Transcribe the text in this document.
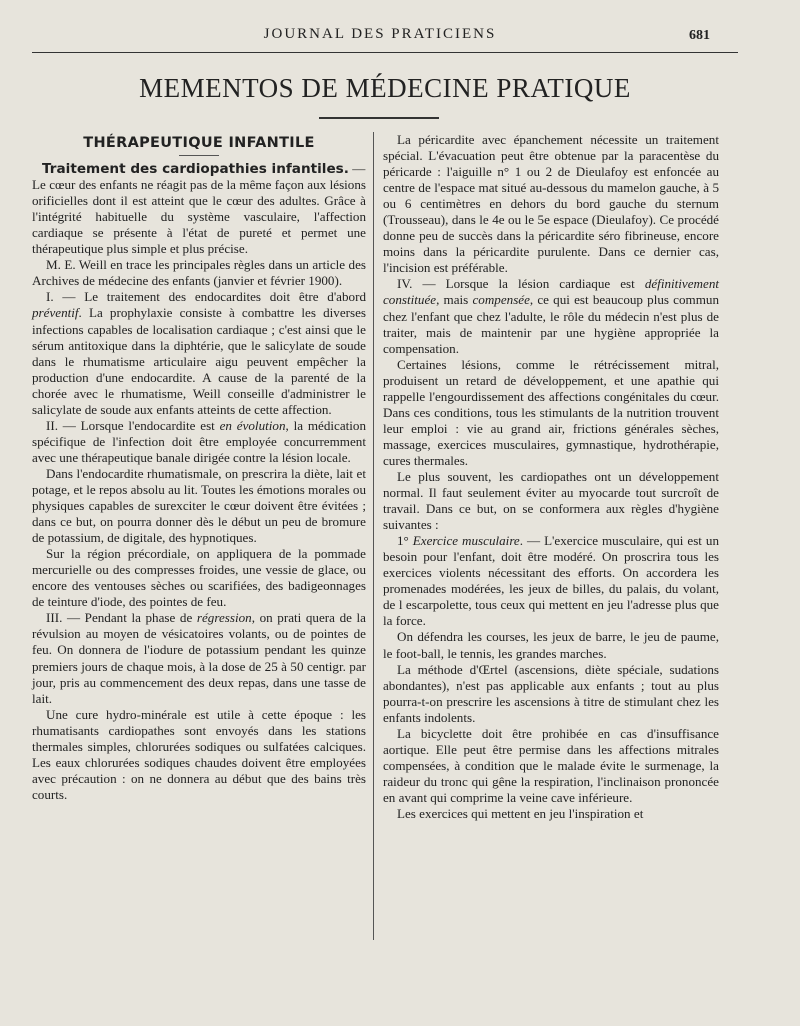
JOURNAL DES PRATICIENS	681
MEMENTOS DE MÉDECINE PRATIQUE
THÉRAPEUTIQUE INFANTILE

Traitement des cardiopathies infantiles. —

Le cœur des enfants ne réagit pas de la même façon aux lésions orificielles dont il est atteint que le cœur des adultes. Grâce à l'intégrité habituelle du système vasculaire, l'affection cardiaque se présente à l'état de pureté et permet une thérapeutique plus simple et plus précise.

M. E. Weill en trace les principales règles dans un article des Archives de médecine des enfants (janvier et février 1900).

I. — Le traitement des endocardites doit être d'abord préventif. La prophylaxie consiste à combattre les diverses infections capables de localisation cardiaque ; c'est ainsi que le sérum antitoxique dans la diphtérie, que le salicylate de soude dans le rhumatisme articulaire aigu peuvent empêcher la production d'une endocardite. A cause de la parenté de la chorée avec le rhumatisme, Weill conseille d'administrer le salicylate de soude aux enfants atteints de cette affection.

II. — Lorsque l'endocardite est en évolution, la médication spécifique de l'infection doit être employée concurremment avec une thérapeutique banale dirigée contre la lésion locale.

Dans l'endocardite rhumatismale, on prescrira la diète, lait et potage, et le repos absolu au lit. Toutes les émotions morales ou physiques capables de surexciter le cœur doivent être évitées ; dans ce but, on pourra donner dès le début un peu de bromure de potassium, de digitale, des hypnotiques.

Sur la région précordiale, on appliquera de la pommade mercurielle ou des compresses froides, une vessie de glace, ou encore des ventouses sèches ou scarifiées, des badigeonnages de teinture d'iode, des pointes de feu.

III. — Pendant la phase de régression, on prati quera de la révulsion au moyen de vésicatoires volants, ou de pointes de feu. On donnera de l'iodure de potassium pendant les quinze premiers jours de chaque mois, à la dose de 25 à 50 centigr. par jour, pris au commencement des deux repas, dans une tasse de lait.

Une cure hydro-minérale est utile à cette époque : les rhumatisants cardiopathes sont envoyés dans les stations thermales simples, chlorurées sodiques ou sulfatées calciques. Les eaux chlorurées sodiques chaudes doivent être employées avec précaution : on ne donnera au début que des bains très courts.

La péricardite avec épanchement nécessite un traitement spécial. L'évacuation peut être obtenue par la paracentèse du péricarde : l'aiguille n° 1 ou 2 de Dieulafoy est enfoncée au centre de l'espace mat situé au-dessous du mamelon gauche, à 5 ou 6 centimètres en dehors du bord gauche du sternum (Trousseau), dans le 4e ou le 5e espace (Dieulafoy). Ce procédé donne peu de succès dans la péricardite séro fibrineuse, encore moins dans la péricardite purulente. Dans ce dernier cas, l'incision est préférable.

IV. — Lorsque la lésion cardiaque est définitivement constituée, mais compensée, ce qui est beaucoup plus commun chez l'enfant que chez l'adulte, le rôle du médecin n'est plus de traiter, mais de maintenir par une hygiène appropriée la compensation.

Certaines lésions, comme le rétrécissement mitral, produisent un retard de développement, et une apathie qui rappelle l'engourdissement des affections congénitales du cœur. Dans ces conditions, tous les stimulants de la nutrition trouvent leur emploi : vie au grand air, frictions générales sèches, massage, exercices musculaires, gymnastique, hydrothérapie, cures thermales.

Le plus souvent, les cardiopathes ont un développement normal. Il faut seulement éviter au myocarde tout surcroît de travail. Dans ce but, on se conformera aux règles d'hygiène suivantes :

1° Exercice musculaire. — L'exercice musculaire, qui est un besoin pour l'enfant, doit être modéré. On proscrira tous les exercices violents nécessitant des efforts. On accordera les promenades modérées, les jeux de billes, du palais, du volant, de l escarpolette, tous ceux qui mettent en jeu l'adresse plus que la force.

On défendra les courses, les jeux de barre, le jeu de paume, le foot-ball, le tennis, les grandes marches.

La méthode d'Œrtel (ascensions, diète spéciale, sudations abondantes), n'est pas applicable aux enfants ; tout au plus pourra-t-on prescrire les ascensions à titre de stimulant chez les enfants indolents.

La bicyclette doit être prohibée en cas d'insuffisance aortique. Elle peut être permise dans les affections mitrales compensées, à condition que le malade évite le surmenage, la raideur du tronc qui gêne la respiration, l'inclinaison prononcée en avant qui comprime la veine cave inférieure.

Les exercices qui mettent en jeu l'inspiration et
